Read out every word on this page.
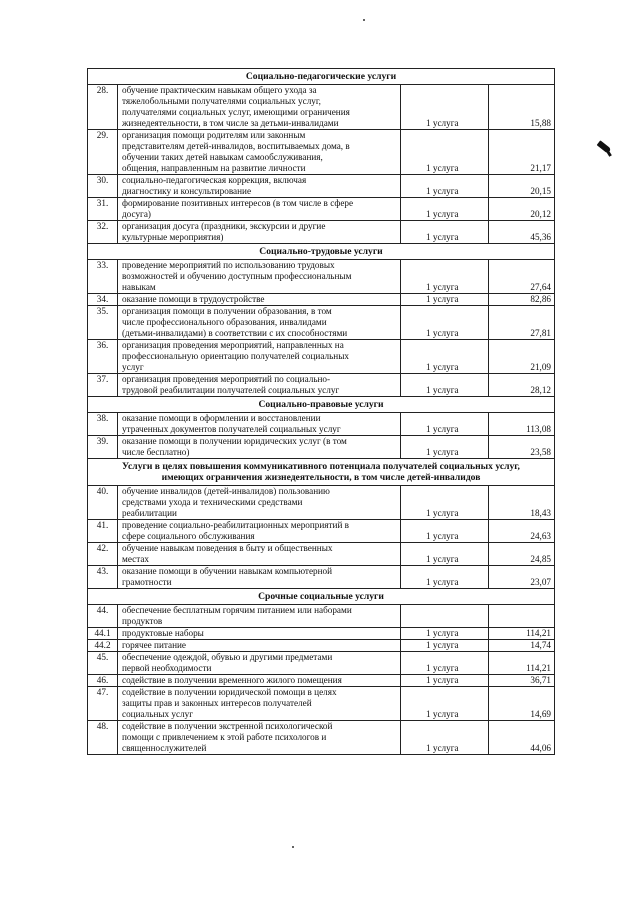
Социально-педагогические услуги			
28.	обучение практическим навыкам общего ухода за
тяжелобольными получателями социальных услуг,
получателями социальных услуг, имеющими ограничения
жизнедеятельности, в том числе за детьми-инвалидами	1 услуга	15,88
29.	организация помощи родителям или законным
представителям детей-инвалидов, воспитываемых дома, в
обучении таких детей навыкам самообслуживания,
общения, направленным на развитие личности	1 услуга	21,17
30.	социально-педагогическая коррекция, включая
диагностику и консультирование	1 услуга	20,15
31.	формирование позитивных интересов (в том числе в сфере
досуга)	1 услуга	20,12
32.	организация досуга (праздники, экскурсии и другие
культурные мероприятия)	1 услуга	45,36
Социально-трудовые услуги			
33.	проведение мероприятий по использованию трудовых
возможностей и обучению доступным профессиональным
навыкам	1 услуга	27,64
34.	оказание помощи в трудоустройстве	1 услуга	82,86
35.	организация помощи в получении образования, в том
числе профессионального образования, инвалидами
(детьми-инвалидами) в соответствии с их способностями	1 услуга	27,81
36.	организация проведения мероприятий, направленных на
профессиональную ориентацию получателей социальных
услуг	1 услуга	21,09
37.	организация проведения мероприятий по социально-
трудовой реабилитации получателей социальных услуг	1 услуга	28,12
Социально-правовые услуги			
38.	оказание помощи в оформлении и восстановлении
утраченных документов получателей социальных услуг	1 услуга	113,08
39.	оказание помощи в получении юридических услуг (в том
числе бесплатно)	1 услуга	23,58
Услуги в целях повышения коммуникативного потенциала получателей социальных услуг,
имеющих ограничения жизнедеятельности, в том числе детей-инвалидов			
40.	обучение инвалидов (детей-инвалидов) пользованию
средствами ухода и техническими средствами
реабилитации	1 услуга	18,43
41.	проведение социально-реабилитационных мероприятий в
сфере социального обслуживания	1 услуга	24,63
42.	обучение навыкам поведения в быту и общественных
местах	1 услуга	24,85
43.	оказание помощи в обучении навыкам компьютерной
грамотности	1 услуга	23,07
Срочные социальные услуги			
44.	обеспечение бесплатным горячим питанием или наборами
продуктов		

44.1	продуктовые наборы	1 услуга	114,21
44.2	горячее питание	1 услуга	14,74
45.	обеспечение одеждой, обувью и другими предметами
первой необходимости	1 услуга	114,21
46.	содействие в получении временного жилого помещения	1 услуга	36,71
47.	содействие в получении юридической помощи в целях
защиты прав и законных интересов получателей
социальных услуг	1 услуга	14,69
48.	содействие в получении экстренной психологической
помощи с привлечением к этой работе психологов и
священнослужителей	1 услуга	44,06
